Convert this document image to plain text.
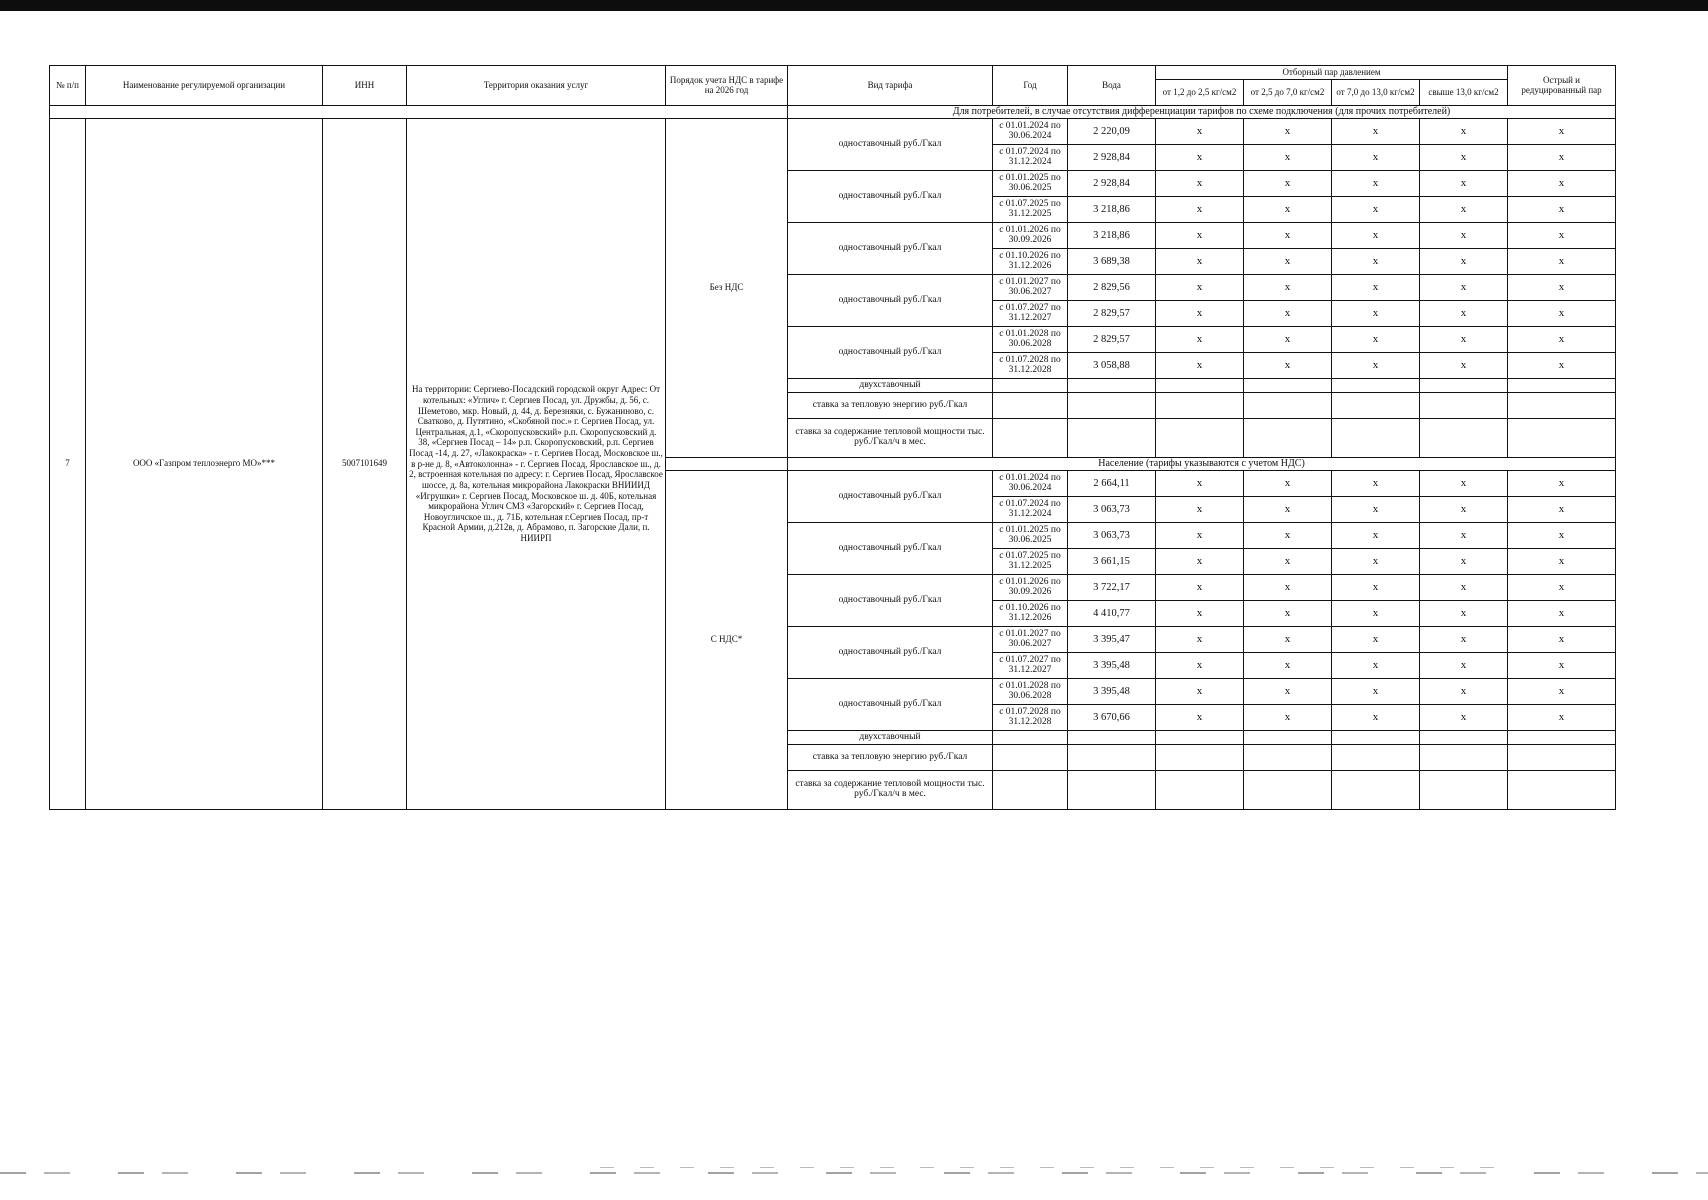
№ п/п	Наименование регулируемой организации	ИНН	Территория оказания услуг	Порядок учета НДС в тарифе на 2026 год	Вид тарифа	Год	Вода	Отборный пар давлением				Острый и редуцированный пар
								от 1,2 до 2,5 кг/см2	от 2,5 до 7,0 кг/см2	от 7,0 до 13,0 кг/см2	свыше 13,0 кг/см2	
					Для потребителей, в случае отсутствия дифференциации тарифов по схеме подключения (для прочих потребителей)							
7	ООО «Газпром теплоэнерго МО»***	5007101649	На территории: Сергиево-Посадский городской округ Адрес: От котельных: «Углич» г. Сергиев Посад, ул. Дружбы, д. 56, с. Шеметово, мкр. Новый, д. 44, д. Березняки, с. Бужаниново, с. Сватково, д. Путятино, «Скобяной пос.» г. Сергиев Посад, ул. Центральная, д.1, «Скоропусковский» р.п. Скоропусковский д. 38, «Сергиев Посад – 14» р.п. Скоропусковский, р.п. Сергиев Посад -14, д. 27, «Лакокраска» - г. Сергиев Посад, Московское ш., в р-не д. 8, «Автоколонна» - г. Сергиев Посад, Ярославское ш., д. 2, встроенная котельная по адресу: г. Сергиев Посад, Ярославское шоссе, д. 8а, котельная микрорайона Лакокраски ВНИИИД «Игрушки» г. Сергиев Посад, Московское ш. д. 40Б, котельная микрорайона Углич СМЗ «Загорский» г. Сергиев Посад, Новоугличское ш., д. 71Б, котельная г.Сергиев Посад, пр-т Красной Армии, д.212в, д. Абрамово, п. Загорские Дали, п. НИИРП	Без НДС	одноставочный руб./Гкал	с 01.01.2024 по 30.06.2024	2 220,09	x	x	x	x	x
						с 01.07.2024 по 31.12.2024	2 928,84	x	x	x	x	x
					одноставочный руб./Гкал	с 01.01.2025 по 30.06.2025	2 928,84	x	x	x	x	x
						с 01.07.2025 по 31.12.2025	3 218,86	x	x	x	x	x
					одноставочный руб./Гкал	с 01.01.2026 по 30.09.2026	3 218,86	x	x	x	x	x
						с 01.10.2026 по 31.12.2026	3 689,38	x	x	x	x	x
					одноставочный руб./Гкал	с 01.01.2027 по 30.06.2027	2 829,56	x	x	x	x	x
						с 01.07.2027 по 31.12.2027	2 829,57	x	x	x	x	x
					одноставочный руб./Гкал	с 01.01.2028 по 30.06.2028	2 829,57	x	x	x	x	x
						с 01.07.2028 по 31.12.2028	3 058,88	x	x	x	x	x
					двухставочный							
					ставка за тепловую энергию руб./Гкал							
					ставка за содержание тепловой мощности тыс. руб./Гкал/ч в мес.							
					Население (тарифы указываются с учетом НДС)							
				С НДС*	одноставочный руб./Гкал	с 01.01.2024 по 30.06.2024	2 664,11	x	x	x	x	x
						с 01.07.2024 по 31.12.2024	3 063,73	x	x	x	x	x
					одноставочный руб./Гкал	с 01.01.2025 по 30.06.2025	3 063,73	x	x	x	x	x
						с 01.07.2025 по 31.12.2025	3 661,15	x	x	x	x	x
					одноставочный руб./Гкал	с 01.01.2026 по 30.09.2026	3 722,17	x	x	x	x	x
						с 01.10.2026 по 31.12.2026	4 410,77	x	x	x	x	x
					одноставочный руб./Гкал	с 01.01.2027 по 30.06.2027	3 395,47	x	x	x	x	x
						с 01.07.2027 по 31.12.2027	3 395,48	x	x	x	x	x
					одноставочный руб./Гкал	с 01.01.2028 по 30.06.2028	3 395,48	x	x	x	x	x
						с 01.07.2028 по 31.12.2028	3 670,66	x	x	x	x	x
					двухставочный							
					ставка за тепловую энергию руб./Гкал							
					ставка за содержание тепловой мощности тыс. руб./Гкал/ч в мес.							
